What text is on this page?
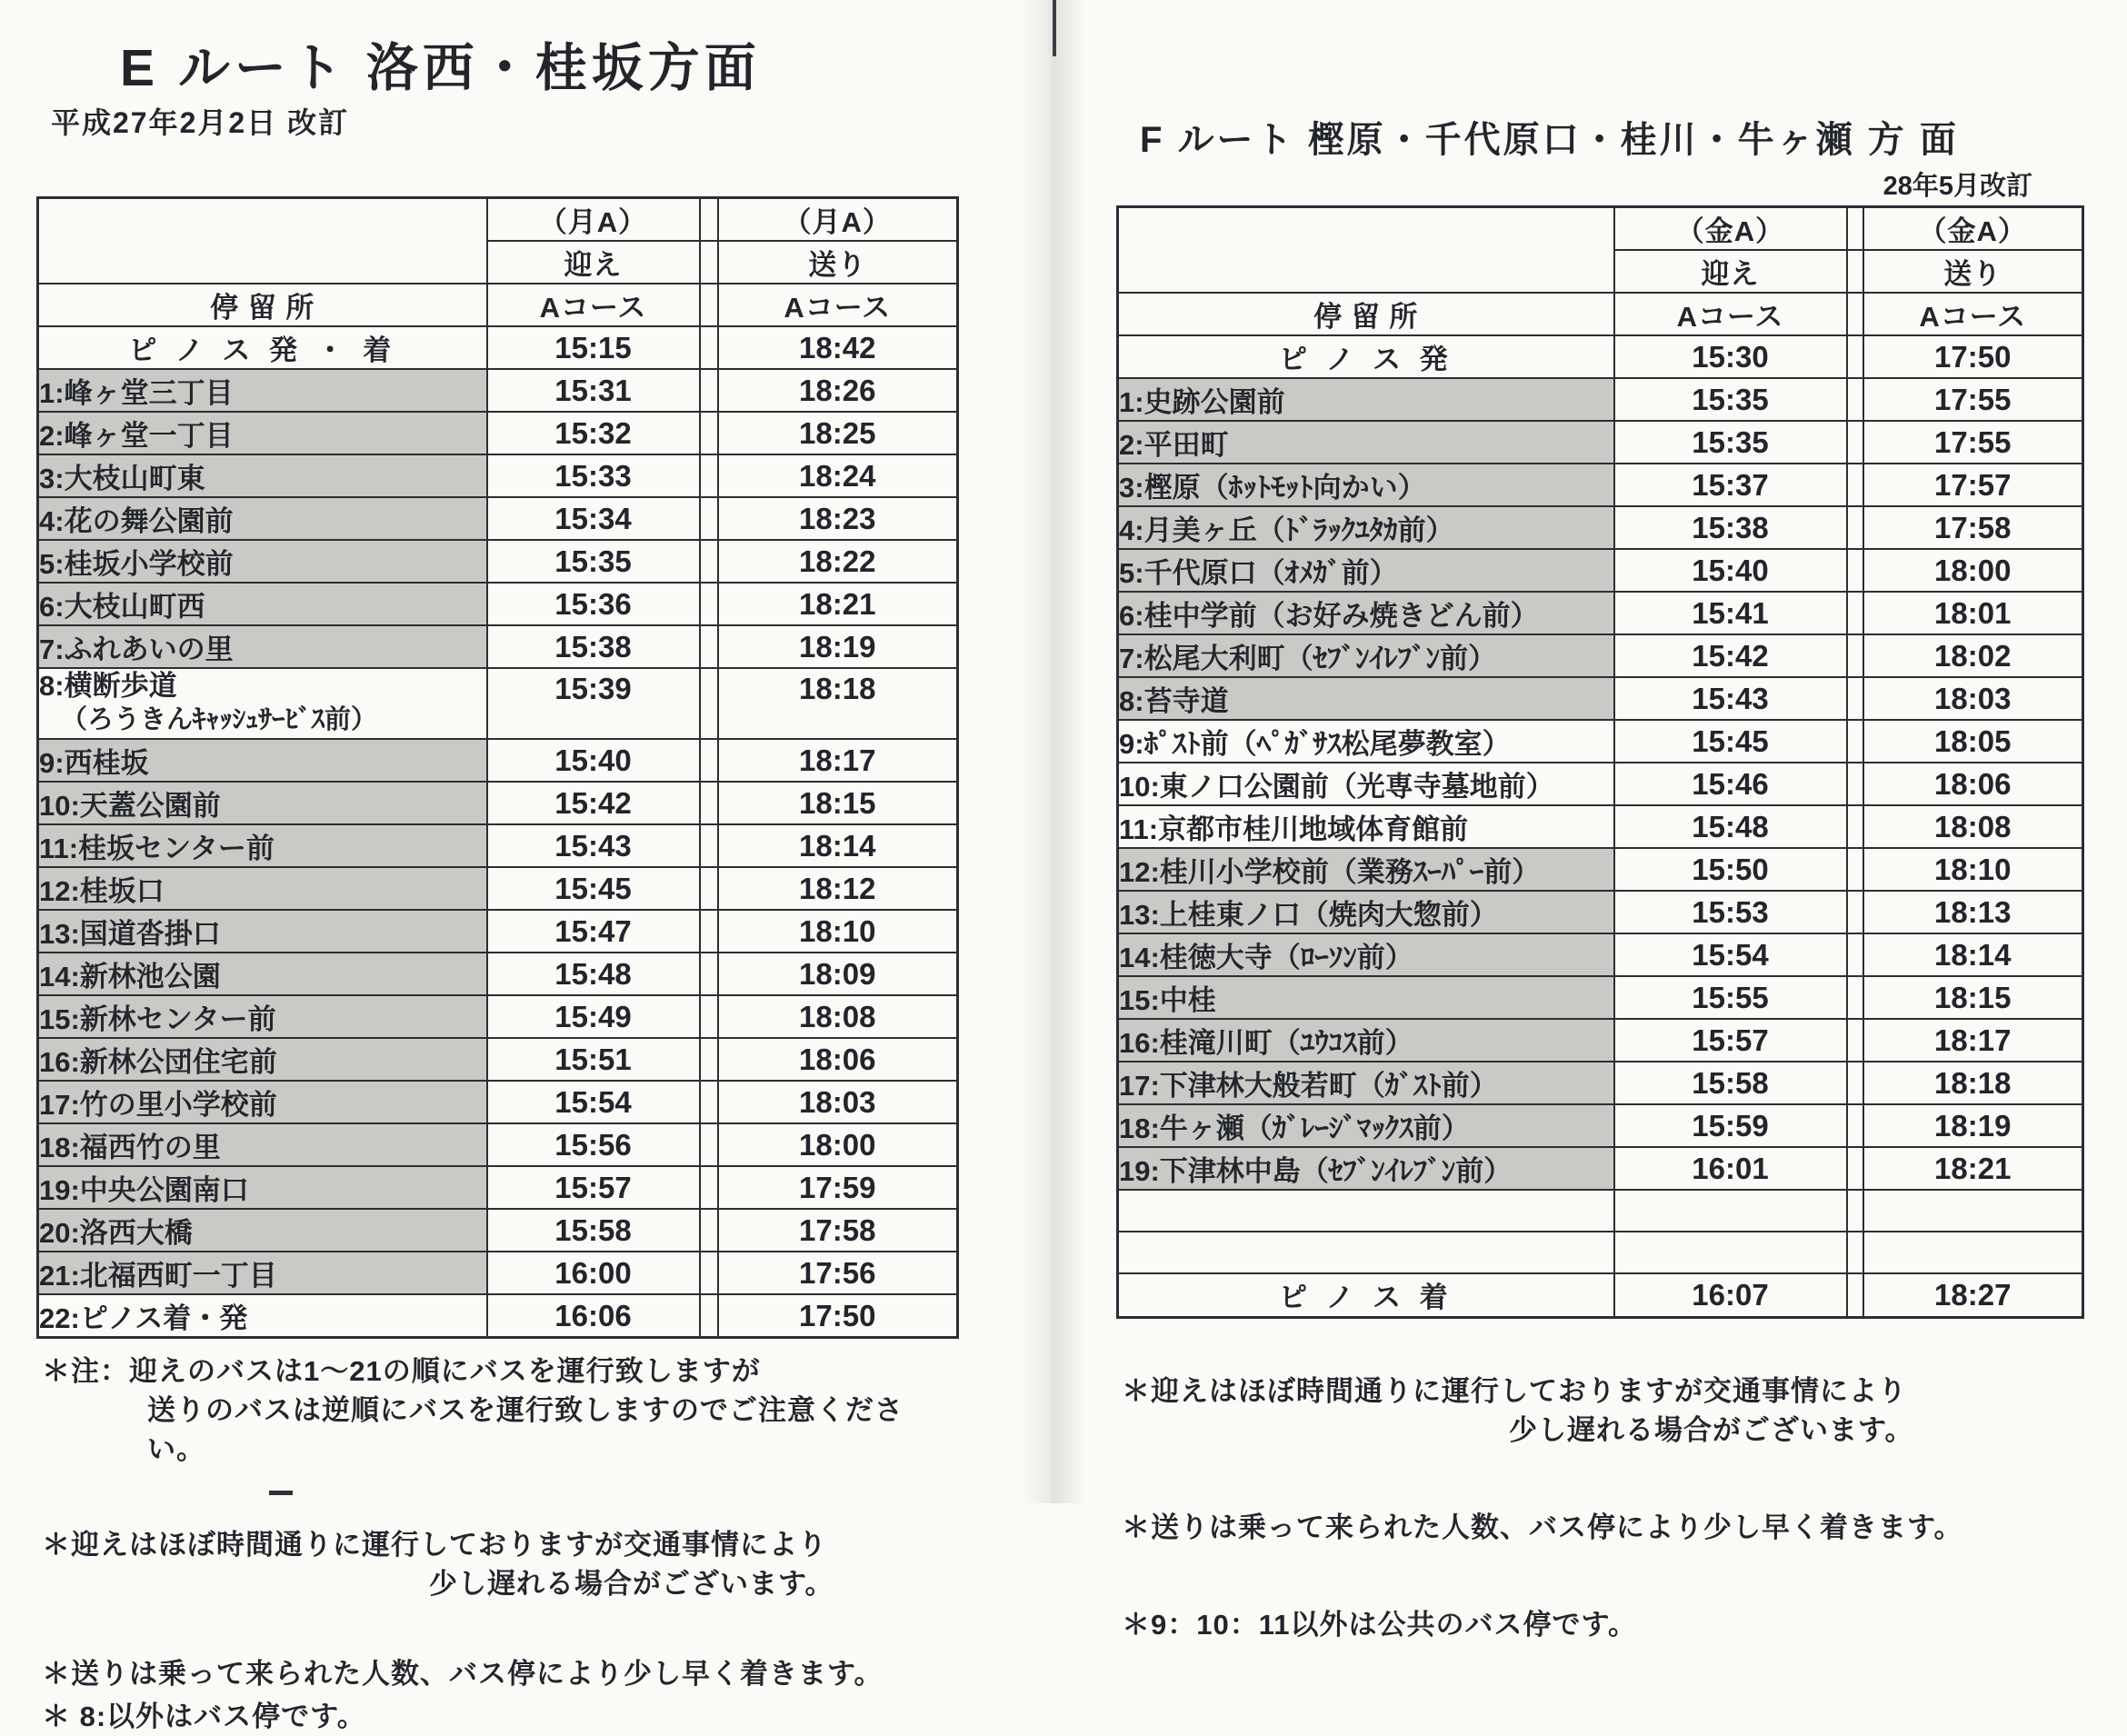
E ルート 洛西・桂坂方面
平成27年2月2日 改訂
	（月A）		（月A）
	迎え		送り
停 留 所	Aコース		Aコース
ピ ノ ス 発 ・ 着	15:15		18:42
1:峰ヶ堂三丁目	15:31		18:26
2:峰ヶ堂一丁目	15:32		18:25
3:大枝山町東	15:33		18:24
4:花の舞公園前	15:34		18:23
5:桂坂小学校前	15:35		18:22
6:大枝山町西	15:36		18:21
7:ふれあいの里	15:38		18:19

8:横断歩道
（ろうきんｷｬｯｼｭｻｰﾋﾞｽ前）	15:39		18:18
9:西桂坂	15:40		18:17
10:天蓋公園前	15:42		18:15
11:桂坂センター前	15:43		18:14
12:桂坂口	15:45		18:12
13:国道沓掛口	15:47		18:10
14:新林池公園	15:48		18:09
15:新林センター前	15:49		18:08
16:新林公団住宅前	15:51		18:06
17:竹の里小学校前	15:54		18:03
18:福西竹の里	15:56		18:00
19:中央公園南口	15:57		17:59
20:洛西大橋	15:58		17:58
21:北福西町一丁目	16:00		17:56
22:ピノス着・発	16:06		17:50
＊注：迎えのバスは1～21の順にバスを運行致しますが
送りのバスは逆順にバスを運行致しますのでご注意ください。
＊迎えはほぼ時間通りに運行しておりますが交通事情により
少し遅れる場合がございます。
＊送りは乗って来られた人数、バス停により少し早く着きます。
＊ 8:以外はバス停です。
F ルート 樫原・千代原口・桂川・牛ヶ瀬 方 面
28年5月改訂
	（金A）		（金A）
	迎え		送り
停 留 所	Aコース		Aコース
ピ ノ ス 発	15:30		17:50
1:史跡公園前	15:35		17:55
2:平田町	15:35		17:55
3:樫原（ﾎｯﾄﾓｯﾄ向かい）	15:37		17:57
4:月美ヶ丘（ﾄﾞﾗｯｸﾕﾀｶ前）	15:38		17:58
5:千代原口（ｵﾒｶﾞ前）	15:40		18:00
6:桂中学前（お好み焼きどん前）	15:41		18:01
7:松尾大利町（ｾﾌﾞﾝｲﾚﾌﾞﾝ前）	15:42		18:02
8:苔寺道	15:43		18:03
9:ﾎﾟｽﾄ前（ﾍﾟｶﾞｻｽ松尾夢教室）	15:45		18:05
10:東ノ口公園前（光専寺墓地前）	15:46		18:06
11:京都市桂川地域体育館前	15:48		18:08
12:桂川小学校前（業務ｽｰﾊﾟｰ前）	15:50		18:10
13:上桂東ノ口（焼肉大惣前）	15:53		18:13
14:桂徳大寺（ﾛｰｿﾝ前）	15:54		18:14
15:中桂	15:55		18:15
16:桂滝川町（ﾕｳｺｽ前）	15:57		18:17
17:下津林大般若町（ｶﾞｽﾄ前）	15:58		18:18
18:牛ヶ瀬（ｶﾞﾚｰｼﾞﾏｯｸｽ前）	15:59		18:19
19:下津林中島（ｾﾌﾞﾝｲﾚﾌﾞﾝ前）	16:01		18:21

ピ ノ ス 着	16:07		18:27
＊迎えはほぼ時間通りに運行しておりますが交通事情により
少し遅れる場合がございます。
＊送りは乗って来られた人数、バス停により少し早く着きます。
＊9：10：11以外は公共のバス停です。
